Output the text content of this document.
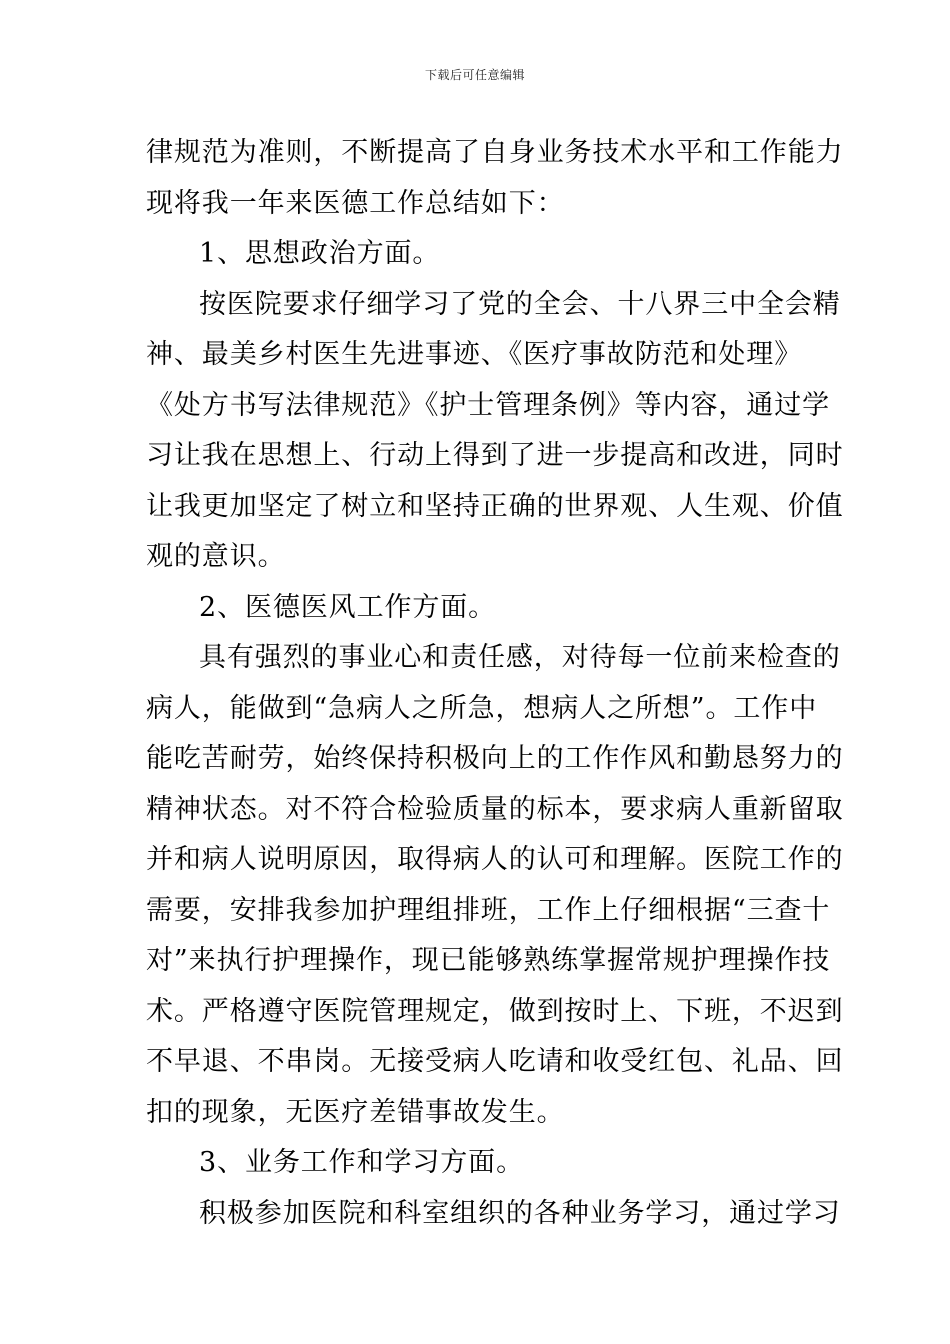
下载后可任意编辑
律规范为准则，不断提高了自身业务技术水平和工作能力
现将我一年来医德工作总结如下：
1、思想政治方面。
按医院要求仔细学习了党的全会、十八界三中全会精
神、最美乡村医生先进事迹、《医疗事故防范和处理》
《处方书写法律规范》《护士管理条例》等内容，通过学
习让我在思想上、行动上得到了进一步提高和改进，同时
让我更加坚定了树立和坚持正确的世界观、人生观、价值
观的意识。
2、医德医风工作方面。
具有强烈的事业心和责任感，对待每一位前来检查的
病人，能做到“急病人之所急，想病人之所想”。工作中
能吃苦耐劳，始终保持积极向上的工作作风和勤恳努力的
精神状态。对不符合检验质量的标本，要求病人重新留取
并和病人说明原因，取得病人的认可和理解。医院工作的
需要，安排我参加护理组排班，工作上仔细根据“三查十
对”来执行护理操作，现已能够熟练掌握常规护理操作技
术。严格遵守医院管理规定，做到按时上、下班，不迟到
不早退、不串岗。无接受病人吃请和收受红包、礼品、回
扣的现象，无医疗差错事故发生。
3、业务工作和学习方面。
积极参加医院和科室组织的各种业务学习，通过学习
